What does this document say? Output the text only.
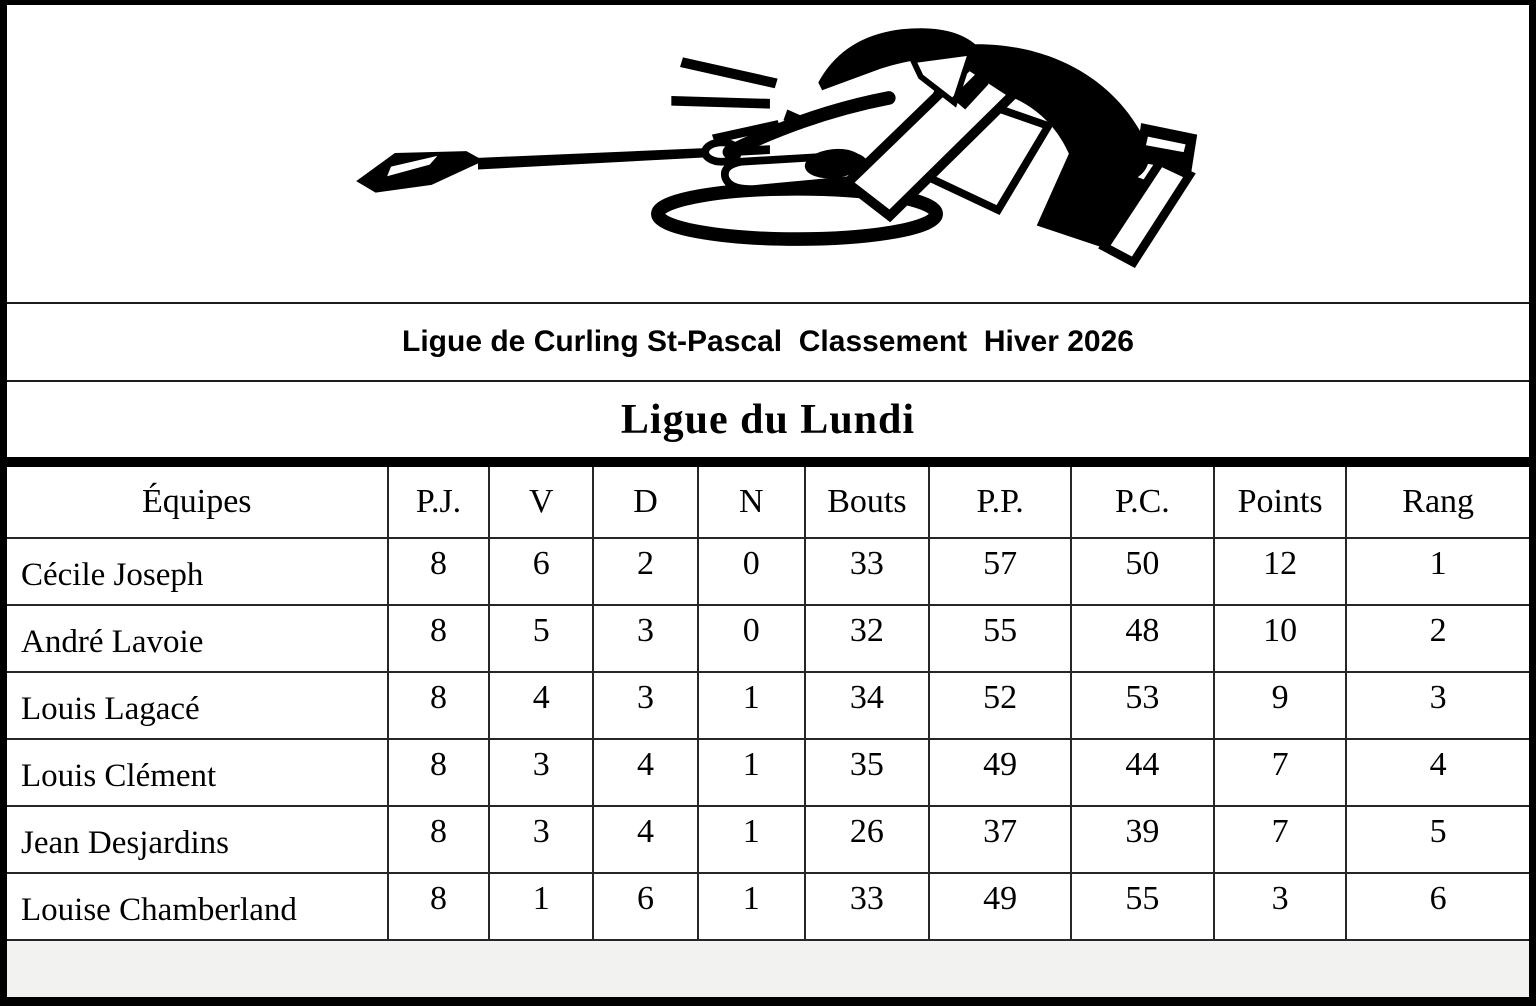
Ligue de Curling St-Pascal  Classement  Hiver 2026
Ligue du Lundi
Équipes	P.J.	V	D	N	Bouts	P.P.	P.C.	Points	Rang
Cécile Joseph	8	6	2	0	33	57	50	12	1
André Lavoie	8	5	3	0	32	55	48	10	2
Louis Lagacé	8	4	3	1	34	52	53	9	3
Louis Clément	8	3	4	1	35	49	44	7	4
Jean Desjardins	8	3	4	1	26	37	39	7	5
Louise Chamberland	8	1	6	1	33	49	55	3	6
